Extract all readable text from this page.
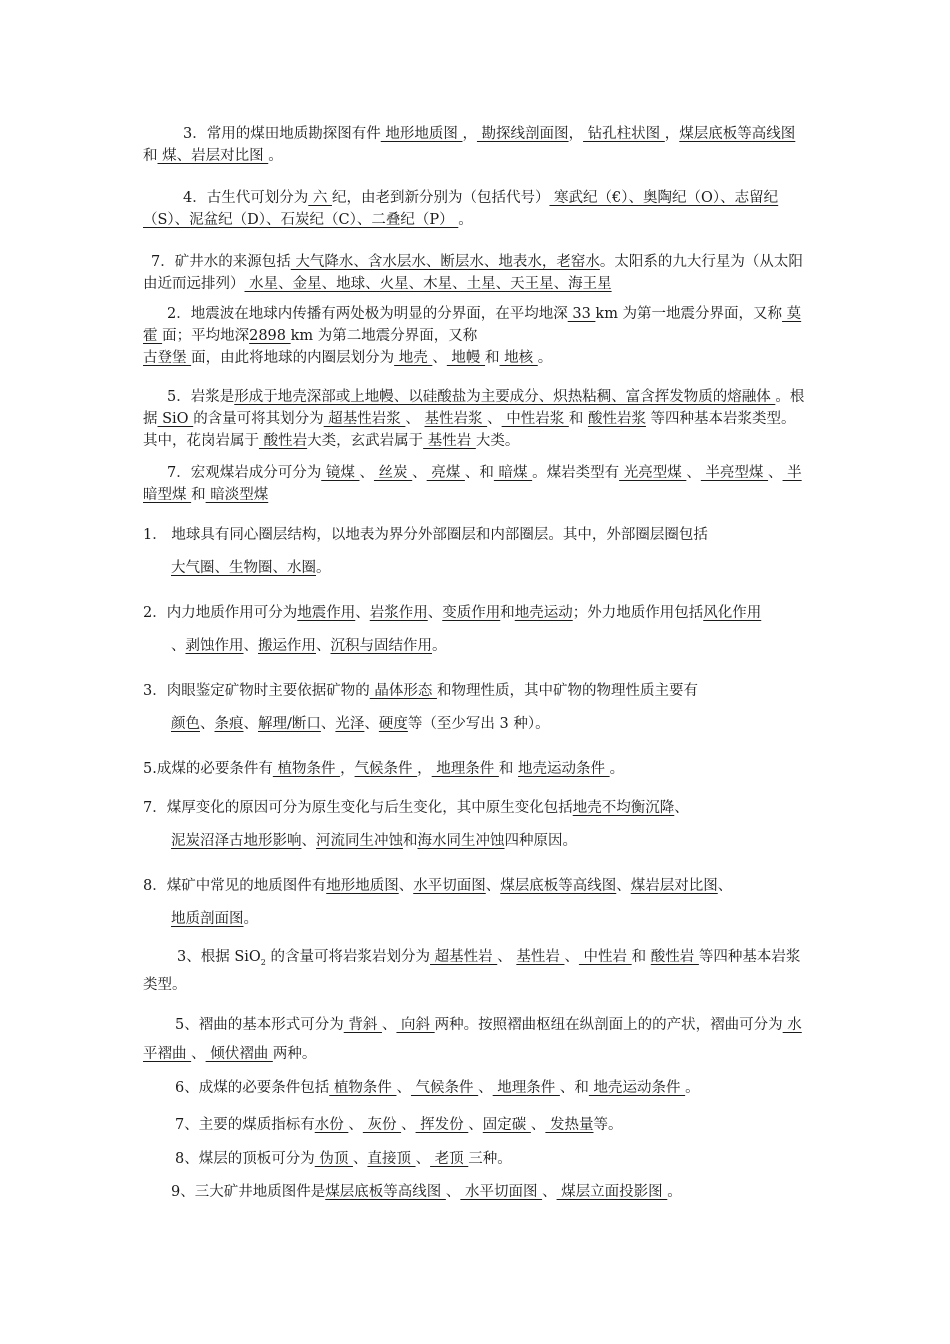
3．常用的煤田地质勘探图有件 地形地质图 ， 勘探线剖面图， 钻孔柱状图 ，煤层底板等高线图和 煤、岩层对比图 。
4．古生代可划分为 六 纪，由老到新分别为（包括代号） 寒武纪（€）、奥陶纪（O）、志留纪（S）、泥盆纪（D）、石炭纪（C）、二叠纪（P） 。
7．矿井水的来源包括 大气降水、含水层水、断层水、地表水，老窑水。太阳系的九大行星为（从太阳由近而远排列） 水星、金星、地球、火星、木星、土星、天王星、海王星
2．地震波在地球内传播有两处极为明显的分界面，在平均地深 33 km 为第一地震分界面，又称 莫霍 面；平均地深2898 km 为第二地震分界面，又称
古登堡 面，由此将地球的内圈层划分为 地壳 、 地幔 和 地核 。
5．岩浆是形成于地壳深部或上地幔、以硅酸盐为主要成分、炽热粘稠、富含挥发物质的熔融体 。根据 SiO 的含量可将其划分为 超基性岩浆 、 基性岩浆 、 中性岩浆 和 酸性岩浆 等四种基本岩浆类型。其中，花岗岩属于 酸性岩大类，玄武岩属于 基性岩 大类。
7．宏观煤岩成分可分为 镜煤 、 丝炭 、 亮煤 、和 暗煤 。煤岩类型有 光亮型煤 、 半亮型煤 、 半暗型煤 和 暗淡型煤
1． 地球具有同心圈层结构，以地表为界分外部圈层和内部圈层。其中，外部圈层圈包括
大气圈、生物圈、水圈。
2．内力地质作用可分为地震作用、岩浆作用、变质作用和地壳运动；外力地质作用包括风化作用
、剥蚀作用、搬运作用、沉积与固结作用。
3．肉眼鉴定矿物时主要依据矿物的 晶体形态 和物理性质，其中矿物的物理性质主要有
颜色、条痕、解理/断口、光泽、硬度等（至少写出 3 种）。
5.成煤的必要条件有 植物条件 ，气候条件 ， 地理条件 和 地壳运动条件 。
7．煤厚变化的原因可分为原生变化与后生变化，其中原生变化包括地壳不均衡沉降、
泥炭沼泽古地形影响、河流同生冲蚀和海水同生冲蚀四种原因。
8．煤矿中常见的地质图件有地形地质图、水平切面图、煤层底板等高线图、煤岩层对比图、
地质剖面图。
3、根据 SiO$_2$ 的含量可将岩浆岩划分为 超基性岩 、 基性岩 、 中性岩 和 酸性岩 等四种基本岩浆类型。
5、褶曲的基本形式可分为 背斜 、 向斜 两种。按照褶曲枢纽在纵剖面上的的产状，褶曲可分为 水平褶曲 、 倾伏褶曲 两种。
6、成煤的必要条件包括 植物条件 、 气候条件 、 地理条件 、和 地壳运动条件 。
7、主要的煤质指标有水份 、 灰份 、 挥发份 、固定碳 、 发热量等。
8、煤层的顶板可分为 伪顶 、直接顶 、 老顶 三种。
9、三大矿井地质图件是煤层底板等高线图 、 水平切面图 、 煤层立面投影图 。
